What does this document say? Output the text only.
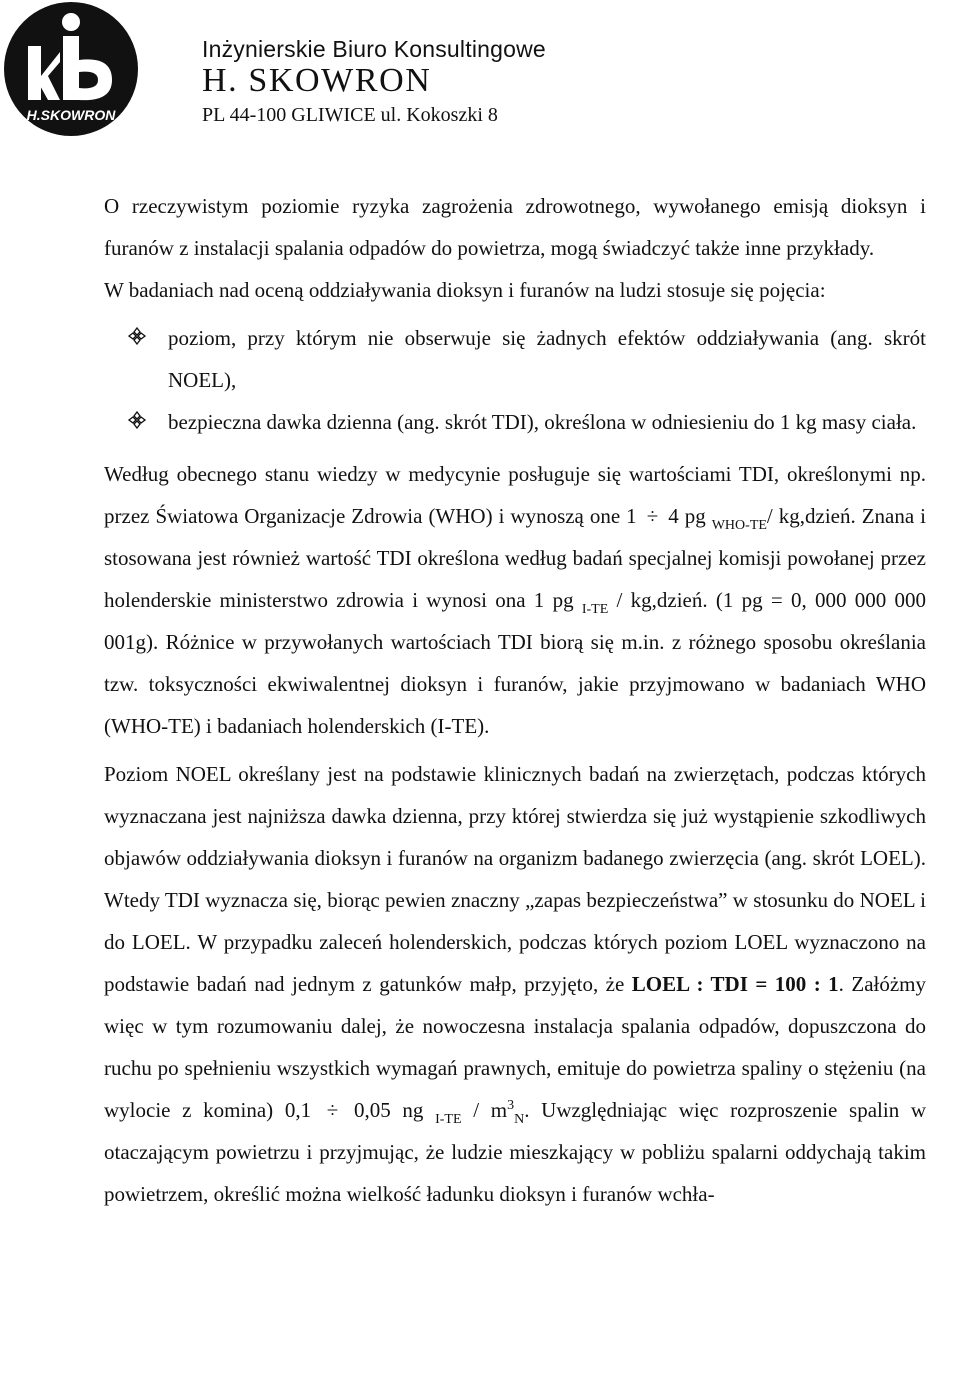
H.SKOWRON
Inżynierskie Biuro Konsultingowe
H. SKOWRON
PL 44-100 GLIWICE ul. Kokoszki 8

O rzeczywistym poziomie ryzyka zagrożenia zdrowotnego, wywołanego emisją dioksyn i furanów z instalacji spalania odpadów do powietrza, mogą świadczyć także inne przykłady.

W badaniach nad oceną oddziaływania dioksyn i furanów na ludzi stosuje się pojęcia:

poziom, przy którym nie obserwuje się żadnych efektów oddziaływania (ang. skrót NOEL),
bezpieczna dawka dzienna (ang. skrót TDI), określona w odniesieniu do 1 kg masy ciała.

Według obecnego stanu wiedzy w medycynie posługuje się wartościami TDI, określonymi np. przez Światowa Organizacje Zdrowia (WHO) i wynoszą one 1 ÷ 4 pg $_{WHO-TE}$/ kg,dzień. Znana i stosowana jest również wartość TDI określona według badań specjalnej komisji powołanej przez holenderskie ministerstwo zdrowia i wynosi ona 1 pg $_{I-TE}$ / kg,dzień. (1 pg = 0, 000 000 000 001g). Różnice w przywołanych wartościach TDI biorą się m.in. z różnego sposobu określania tzw. toksyczności ekwiwalentnej dioksyn i furanów, jakie przyjmowano w badaniach WHO (WHO-TE) i badaniach holenderskich (I-TE).

Poziom NOEL określany jest na podstawie klinicznych badań na zwierzętach, podczas których wyznaczana jest najniższa dawka dzienna, przy której stwierdza się już wystąpienie szkodliwych objawów oddziaływania dioksyn i furanów na organizm badanego zwierzęcia (ang. skrót LOEL). Wtedy TDI wyznacza się, biorąc pewien znaczny „zapas bezpieczeństwa” w stosunku do NOEL i do LOEL. W przypadku zaleceń holenderskich, podczas których poziom LOEL wyznaczono na podstawie badań nad jednym z gatunków małp, przyjęto, że LOEL : TDI = 100 : 1. Załóżmy więc w tym rozumowaniu dalej, że nowoczesna instalacja spalania odpadów, dopuszczona do ruchu po spełnieniu wszystkich wymagań prawnych, emituje do powietrza spaliny o stężeniu (na wylocie z komina) 0,1 ÷ 0,05 ng $_{I-TE} / m^3_N$. Uwzględniając więc rozproszenie spalin w otaczającym powietrzu i przyjmując, że ludzie mieszkający w pobliżu spalarni oddychają takim powietrzem, określić można wielkość ładunku dioksyn i furanów wchła-
